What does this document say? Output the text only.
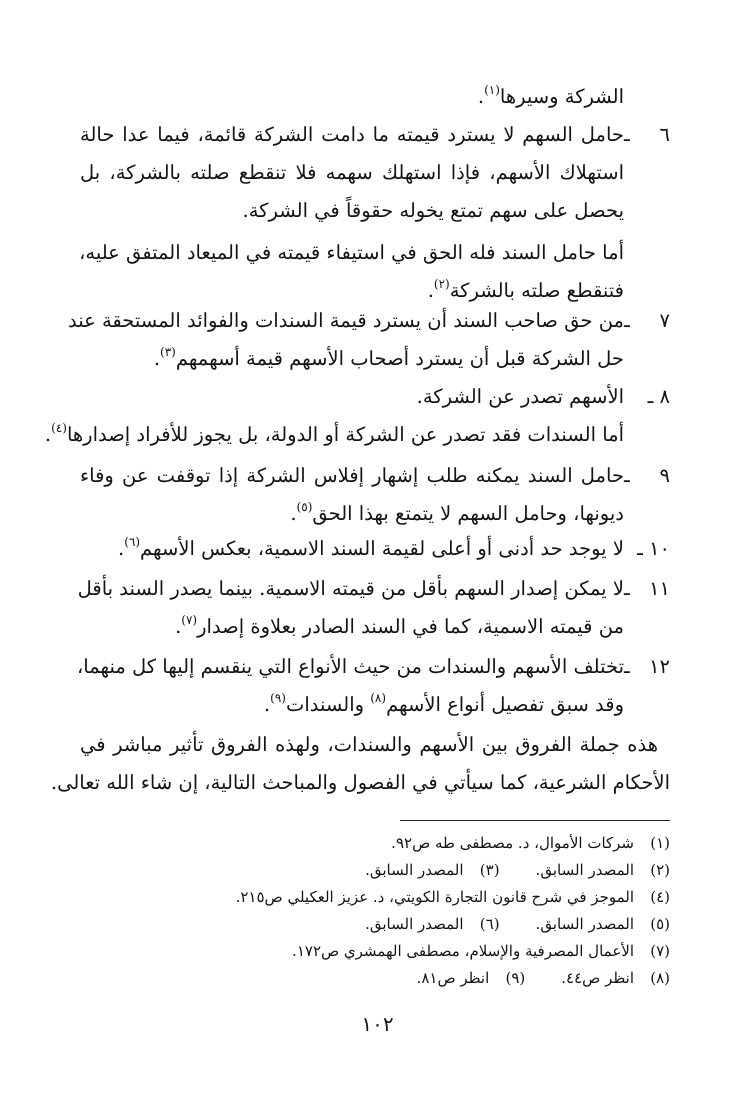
الشركة وسيرها$^{(١)}$.
٦ ـحامل السهم لا يسترد قيمته ما دامت الشركة قائمة، فيما عدا حالة
استهلاك الأسهم، فإذا استهلك سهمه فلا تنقطع صلته بالشركة، بل
يحصل على سهم تمتع يخوله حقوقاً في الشركة.
أما حامل السند فله الحق في استيفاء قيمته في الميعاد المتفق عليه،
فتنقطع صلته بالشركة$^{(٢)}$.
٧ ـمن حق صاحب السند أن يسترد قيمة السندات والفوائد المستحقة عند
حل الشركة قبل أن يسترد أصحاب الأسهم قيمة أسهمهم$^{(٣)}$.
٨ ـالأسهم تصدر عن الشركة.
أما السندات فقد تصدر عن الشركة أو الدولة، بل يجوز للأفراد إصدارها$^{(٤)}$.
٩ ـحامل السند يمكنه طلب إشهار إفلاس الشركة إذا توقفت عن وفاء
ديونها، وحامل السهم لا يتمتع بهذا الحق$^{(٥)}$.
١٠ ـلا يوجد حد أدنى أو أعلى لقيمة السند الاسمية، بعكس الأسهم$^{(٦)}$.
١١ ـلا يمكن إصدار السهم بأقل من قيمته الاسمية. بينما يصدر السند بأقل
من قيمته الاسمية، كما في السند الصادر بعلاوة إصدار$^{(٧)}$.
١٢ ـتختلف الأسهم والسندات من حيث الأنواع التي ينقسم إليها كل منهما،
وقد سبق تفصيل أنواع الأسهم$^{(٨)}$ والسندات$^{(٩)}$.
هذه جملة الفروق بين الأسهم والسندات، ولهذه الفروق تأثير مباشر في
الأحكام الشرعية، كما سيأتي في الفصول والمباحث التالية، إن شاء الله تعالى.
(١)شركات الأموال، د. مصطفى طه ص٩٢.
(٢)المصدر السابق.(٣)المصدر السابق.
(٤)الموجز في شرح قانون التجارة الكويتي، د. عزيز العكيلي ص٢١٥.
(٥)المصدر السابق.(٦)المصدر السابق.
(٧)الأعمال المصرفية والإسلام، مصطفى الهمشري ص١٧٢.
(٨)انظر ص٤٤.(٩)انظر ص٨١.
١٠٢
